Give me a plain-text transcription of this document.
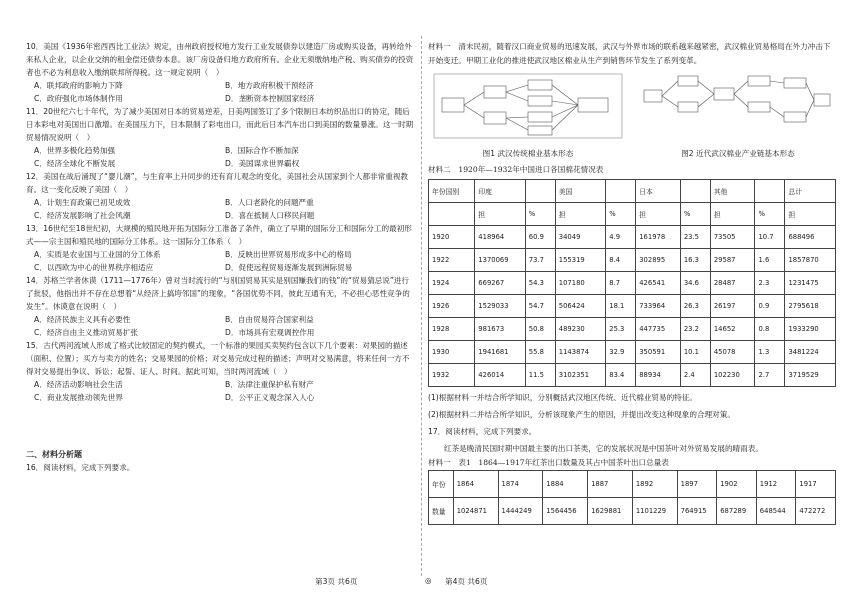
10．美国《1936年密西西比工业法》规定，由州政府授权地方发行工业发展债券以建造厂房或购买设备，再转给外来私人企业，以企业交纳的租金偿还债券本息。该厂房设备归地方政府所有。企业无须缴纳地产税、购买债券的投资者也不必为利息收入缴纳联邦所得税。这一规定说明（　）

A．联邦政府的影响力下降	B．地方政府积极干预经济
C．政府强化市场体制作用	D．垄断资本控制国家经济

11．20世纪六七十年代，为了减少美国对日本的贸易逆差，日美两国签订了多个限制日本纺织品出口的协定，随后日本彩电对美国出口激增。在美国压力下，日本限制了彩电出口，而此后日本汽车出口到美国的数量暴涨。这一时期贸易情况说明（　）

A．世界多极化趋势加强	B．国际合作不断加深
C．经济全球化不断发展	D．美国谋求世界霸权

12．美国在战后涌现了“婴儿潮”，与生育率上升同步的还有育儿观念的变化，美国社会从国家到个人都非常重视教育。这一变化反映了美国（　）

A．计划生育政策已初见成效	B．人口老龄化的问题严重
C．经济发展影响了社会风潮	D．喜在抵制人口移民问题

13．16世纪至18世纪初，大规模的殖民地开拓为国际分工准备了条件，确立了早期的国际分工和国际分工的最初形式——宗主国和殖民地的国际分工体系。这一国际分工体系（　）

A．实质是农业国与工业国的分工体系	B．反映出世界贸易形成多中心的格局
C．以西欧为中心的世界秩序相适应	D．促使远程贸易逐渐发展到洲际贸易

14．苏格兰学者休谟（1711—1776年）曾对当时流行的“与别国贸易其实是别国赚我们的钱”的“贸易猜忌说”进行了批驳，他指出并不存在总想着“从经济上搞垮邻国”的现象，“各国优势不同，彼此互通有无，不必担心恶性竞争的发生”。休谟意在说明（　）

A．经济民族主义具有必要性	B．自由贸易符合国家利益
C．经济自由主义推动贸易扩张	D．市场具有宏观调控作用

15．古代两河流域人形成了格式比较固定的契约模式，一个标准的果园买卖契约包含以下几个要素：对果园的描述（面积、位置）；买方与卖方的姓名；交易果园的价格；对交易完成过程的描述；声明对交易满意，将来任何一方不得对交易提出争议、诉讼；起誓、证人、时间。据此可知，当时两河流域（　）

A．经济活动影响社会生活	B．法律注重保护私有财产
C．商业发展推动领先世界	D．公平正义观念深入人心
二、材料分析题

16．阅读材料，完成下列要求。

材料一　清末民初，随着汉口商业贸易的迅速发展，武汉与外界市场的联系越来越紧密，武汉棉业贸易格局在外力冲击下开始变迁。甲期工业化的推进使武汉地区棉业从生产到销售环节发生了系列变革。
图1 武汉传统棉业基本形态	图2 近代武汉棉业产业链基本形态
材料二　1920年—1932年中国进口各国棉花情况表
年份国别	印度		美国		日本		其他		总计
	担	%	担	%	担	%	担	%	担
1920	418964	60.9	34049	4.9	161978	23.5	73505	10.7	688496
1922	1370069	73.7	155319	8.4	302895	16.3	29587	1.6	1857870
1924	669267	54.3	107180	8.7	426541	34.6	28487	2.3	1231475
1926	1529033	54.7	506424	18.1	733964	26.3	26197	0.9	2795618
1928	981673	50.8	489230	25.3	447735	23.2	14652	0.8	1933290
1930	1941681	55.8	1143874	32.9	350591	10.1	45078	1.3	3481224
1932	426014	11.5	3102351	83.4	88934	2.4	102230	2.7	3719529

(1)根据材料一并结合所学知识，分别概括武汉地区传统、近代棉业贸易的特征。

(2)根据材料二并结合所学知识，分析该现象产生的原因，并提出改变这种现象的合理对策。

17．阅读材料，完成下列要求。

红茶是晚清民国时期中国最主要的出口茶类，它的发展状况是中国茶叶对外贸易发展的晴雨表。
材料一　表1　1864—1917年红茶出口数量及其占中国茶叶出口总量表
年份	1864	1874	1884	1887	1892	1897	1902	1912	1917
数量	1024871	1444249	1564456	1629881	1101229	764915	687289	648544	472272
第3页 共6页	◎ 第4页 共6页
